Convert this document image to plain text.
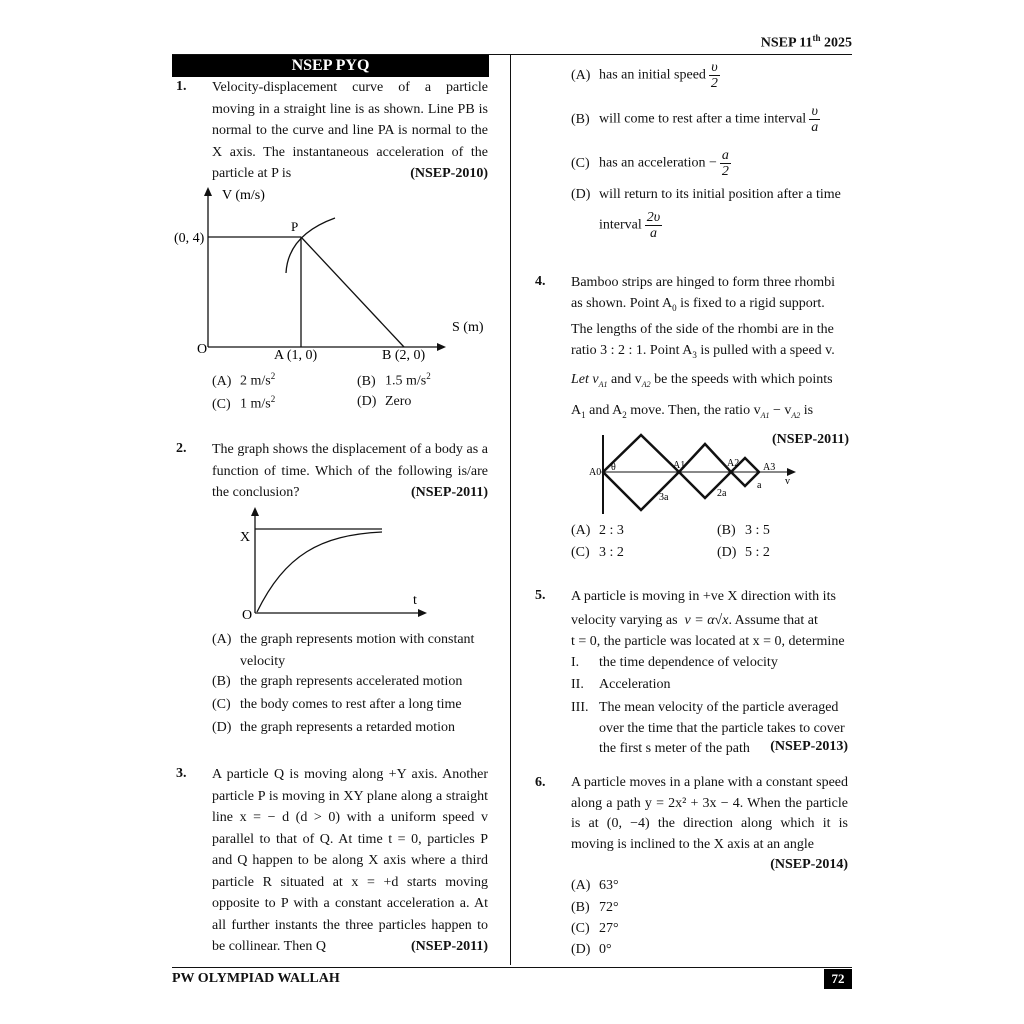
NSEP 11th 2025
NSEP PYQ
1. Velocity-displacement curve of a particle moving in a straight line is as shown. Line PB is normal to the curve and line PA is normal to the X axis. The instantaneous acceleration of the particle at P is	(NSEP-2010)
V (m/s)
S (m)
O
(0, 4)
P
A (1, 0)	B (2, 0)
(A) 2 $m/s^2$	(B) 1.5 $m/s^2$
(C) 1 $m/s^2$	(D) Zero
2. The graph shows the displacement of a body as a function of time. Which of the following is/are the conclusion?	(NSEP-2011)
X
t
O
(A) the graph represents motion with constant
velocity
(B) the graph represents accelerated motion
(C) the body comes to rest after a long time
(D) the graph represents a retarded motion
3. A particle Q is moving along +Y axis. Another particle P is moving in XY plane along a straight line x = − d (d > 0) with a uniform speed v parallel to that of Q. At time t = 0, particles P and Q happen to be along X axis where a third particle R situated at x = +d starts moving opposite to P with a constant acceleration a. At all further instants the three particles happen to be collinear. Then Q	(NSEP-2011)
(A) has an initial speed $\frac{\upsilon}{2}$
(B) will come to rest after a time interval $\frac{\upsilon}{a}$
(C) has an acceleration − $\frac{a}{2}$
(D) will return to its initial position after a time
interval $\frac{2\upsilon}{a}$
4. Bamboo strips are hinged to form three rhombi
as shown. Point $A_0$ is fixed to a rigid support.
The lengths of the side of the rhombi are in the
ratio 3 : 2 : 1. Point $A_3$ is pulled with a speed v.
Let $v_{A1}$ and $v_{A2}$ be the speeds with which points
$A_1$ and $A_2$ move. Then, the ratio $v_{A1} - v_{A2}$ is
(NSEP-2011)
A0 θ	A1	A2 A3
3a	2a
a v
(A) 2 : 3	(B) 3 : 5
(C) 3 : 2	(D) 5 : 2
5. A particle is moving in +ve X direction with its
velocity varying as v = α√x. Assume that at
t = 0, the particle was located at x = 0, determine
I. the time dependence of velocity
II. Acceleration
III. The mean velocity of the particle averaged
over the time that the particle takes to cover
the first s meter of the path	(NSEP-2013)
6. A particle moves in a plane with a constant speed along a path y = 2x² + 3x − 4. When the particle is at (0, −4) the direction along which it is moving is inclined to the X axis at an angle
(NSEP-2014)
(A) 63°
(B) 72°
(C) 27°
(D) 0°
PW OLYMPIAD WALLAH	72
